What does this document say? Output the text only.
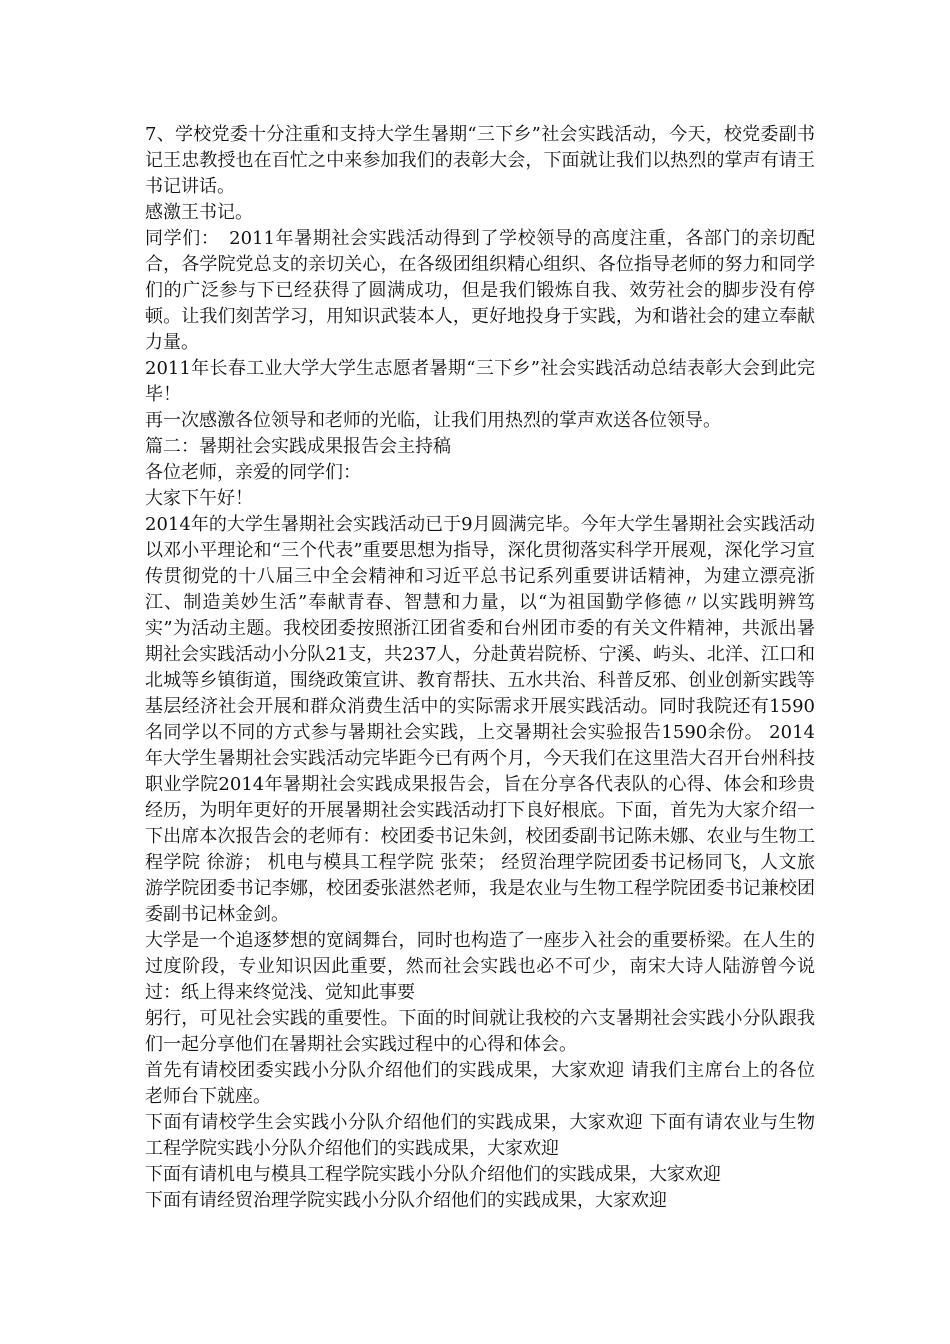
7、学校党委十分注重和支持大学生暑期“三下乡”社会实践活动，今天，校党委副书记王忠教授也在百忙之中来参加我们的表彰大会，下面就让我们以热烈的掌声有请王书记讲话。

感激王书记。

同学们：　2011年暑期社会实践活动得到了学校领导的高度注重，各部门的亲切配合，各学院党总支的亲切关心，在各级团组织精心组织、各位指导老师的努力和同学们的广泛参与下已经获得了圆满成功，但是我们锻炼自我、效劳社会的脚步没有停顿。让我们刻苦学习，用知识武装本人，更好地投身于实践，为和谐社会的建立奉献力量。

2011年长春工业大学大学生志愿者暑期“三下乡”社会实践活动总结表彰大会到此完毕！

再一次感激各位领导和老师的光临，让我们用热烈的掌声欢送各位领导。

篇二：暑期社会实践成果报告会主持稿

各位老师，亲爱的同学们：

大家下午好！

2014年的大学生暑期社会实践活动已于9月圆满完毕。今年大学生暑期社会实践活动以邓小平理论和“三个代表”重要思想为指导，深化贯彻落实科学开展观，深化学习宣传贯彻党的十八届三中全会精神和习近平总书记系列重要讲话精神，为建立漂亮浙江、制造美妙生活”奉献青春、智慧和力量，以“为祖国勤学修德〃以实践明辨笃实”为活动主题。我校团委按照浙江团省委和台州团市委的有关文件精神，共派出暑期社会实践活动小分队21支，共237人，分赴黄岩院桥、宁溪、屿头、北洋、江口和北城等乡镇街道，围绕政策宣讲、教育帮扶、五水共治、科普反邪、创业创新实践等基层经济社会开展和群众消费生活中的实际需求开展实践活动。同时我院还有1590名同学以不同的方式参与暑期社会实践，上交暑期社会实验报告1590余份。 2014年大学生暑期社会实践活动完毕距今已有两个月，今天我们在这里浩大召开台州科技职业学院2014年暑期社会实践成果报告会，旨在分享各代表队的心得、体会和珍贵经历，为明年更好的开展暑期社会实践活动打下良好根底。下面，首先为大家介绍一下出席本次报告会的老师有：校团委书记朱剑，校团委副书记陈未娜、农业与生物工程学院 徐游； 机电与模具工程学院 张荣； 经贸治理学院团委书记杨同飞，人文旅游学院团委书记李娜，校团委张湛然老师，我是农业与生物工程学院团委书记兼校团委副书记林金剑。

大学是一个追逐梦想的宽阔舞台，同时也构造了一座步入社会的重要桥梁。在人生的过度阶段，专业知识因此重要，然而社会实践也必不可少，南宋大诗人陆游曾今说过：纸上得来终觉浅、觉知此事要

躬行，可见社会实践的重要性。下面的时间就让我校的六支暑期社会实践小分队跟我们一起分享他们在暑期社会实践过程中的心得和体会。

首先有请校团委实践小分队介绍他们的实践成果，大家欢迎 请我们主席台上的各位老师台下就座。

下面有请校学生会实践小分队介绍他们的实践成果，大家欢迎 下面有请农业与生物工程学院实践小分队介绍他们的实践成果，大家欢迎

下面有请机电与模具工程学院实践小分队介绍他们的实践成果，大家欢迎

下面有请经贸治理学院实践小分队介绍他们的实践成果，大家欢迎
